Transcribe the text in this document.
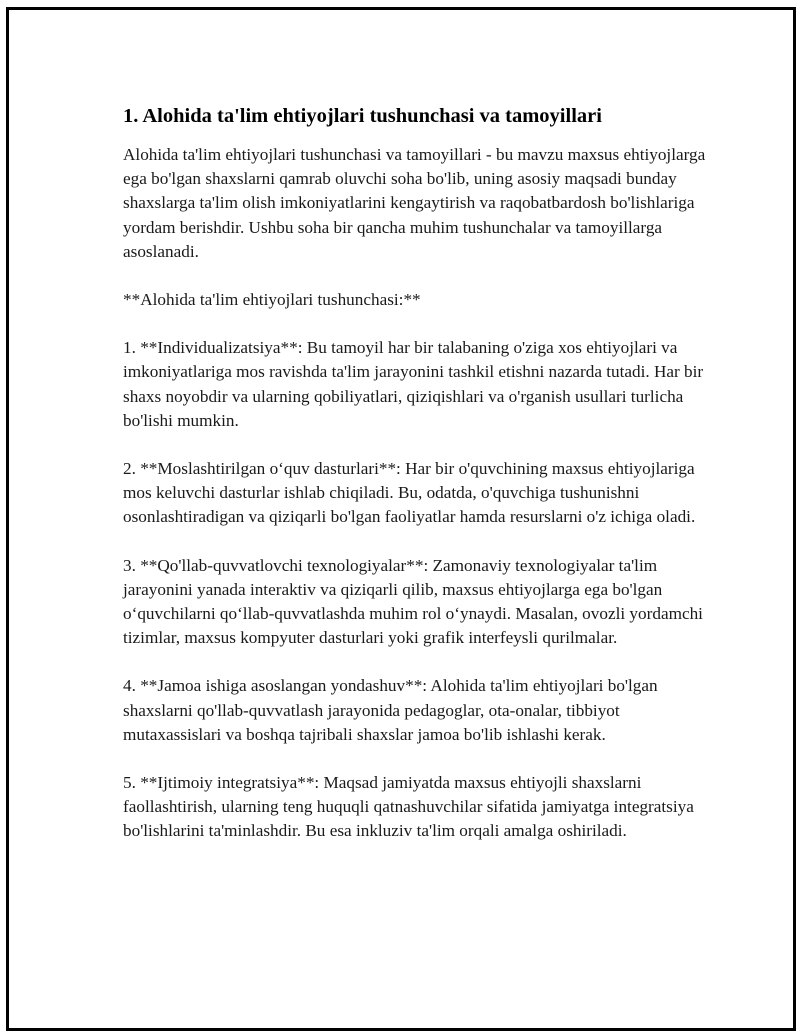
1. Alohida ta'lim ehtiyojlari tushunchasi va tamoyillari

Alohida ta'lim ehtiyojlari tushunchasi va tamoyillari - bu mavzu maxsus ehtiyojlarga ega bo'lgan shaxslarni qamrab oluvchi soha bo'lib, uning asosiy maqsadi bunday shaxslarga ta'lim olish imkoniyatlarini kengaytirish va raqobatbardosh bo'lishlariga yordam berishdir. Ushbu soha bir qancha muhim tushunchalar va tamoyillarga asoslanadi.

**Alohida ta'lim ehtiyojlari tushunchasi:**

1. **Individualizatsiya**: Bu tamoyil har bir talabaning o'ziga xos ehtiyojlari va imkoniyatlariga mos ravishda ta'lim jarayonini tashkil etishni nazarda tutadi. Har bir shaxs noyobdir va ularning qobiliyatlari, qiziqishlari va o'rganish usullari turlicha bo'lishi mumkin.

2. **Moslashtirilgan o‘quv dasturlari**: Har bir o'quvchining maxsus ehtiyojlariga mos keluvchi dasturlar ishlab chiqiladi. Bu, odatda, o'quvchiga tushunishni osonlashtiradigan va qiziqarli bo'lgan faoliyatlar hamda resurslarni o'z ichiga oladi.

3. **Qo'llab-quvvatlovchi texnologiyalar**: Zamonaviy texnologiyalar ta'lim jarayonini yanada interaktiv va qiziqarli qilib, maxsus ehtiyojlarga ega bo'lgan o‘quvchilarni qo‘llab-quvvatlashda muhim rol o‘ynaydi. Masalan, ovozli yordamchi tizimlar, maxsus kompyuter dasturlari yoki grafik interfeysli qurilmalar.

4. **Jamoa ishiga asoslangan yondashuv**: Alohida ta'lim ehtiyojlari bo'lgan shaxslarni qo'llab-quvvatlash jarayonida pedagoglar, ota-onalar, tibbiyot mutaxassislari va boshqa tajribali shaxslar jamoa bo'lib ishlashi kerak.

5. **Ijtimoiy integratsiya**: Maqsad jamiyatda maxsus ehtiyojli shaxslarni faollashtirish, ularning teng huquqli qatnashuvchilar sifatida jamiyatga integratsiya bo'lishlarini ta'minlashdir. Bu esa inkluziv ta'lim orqali amalga oshiriladi.
